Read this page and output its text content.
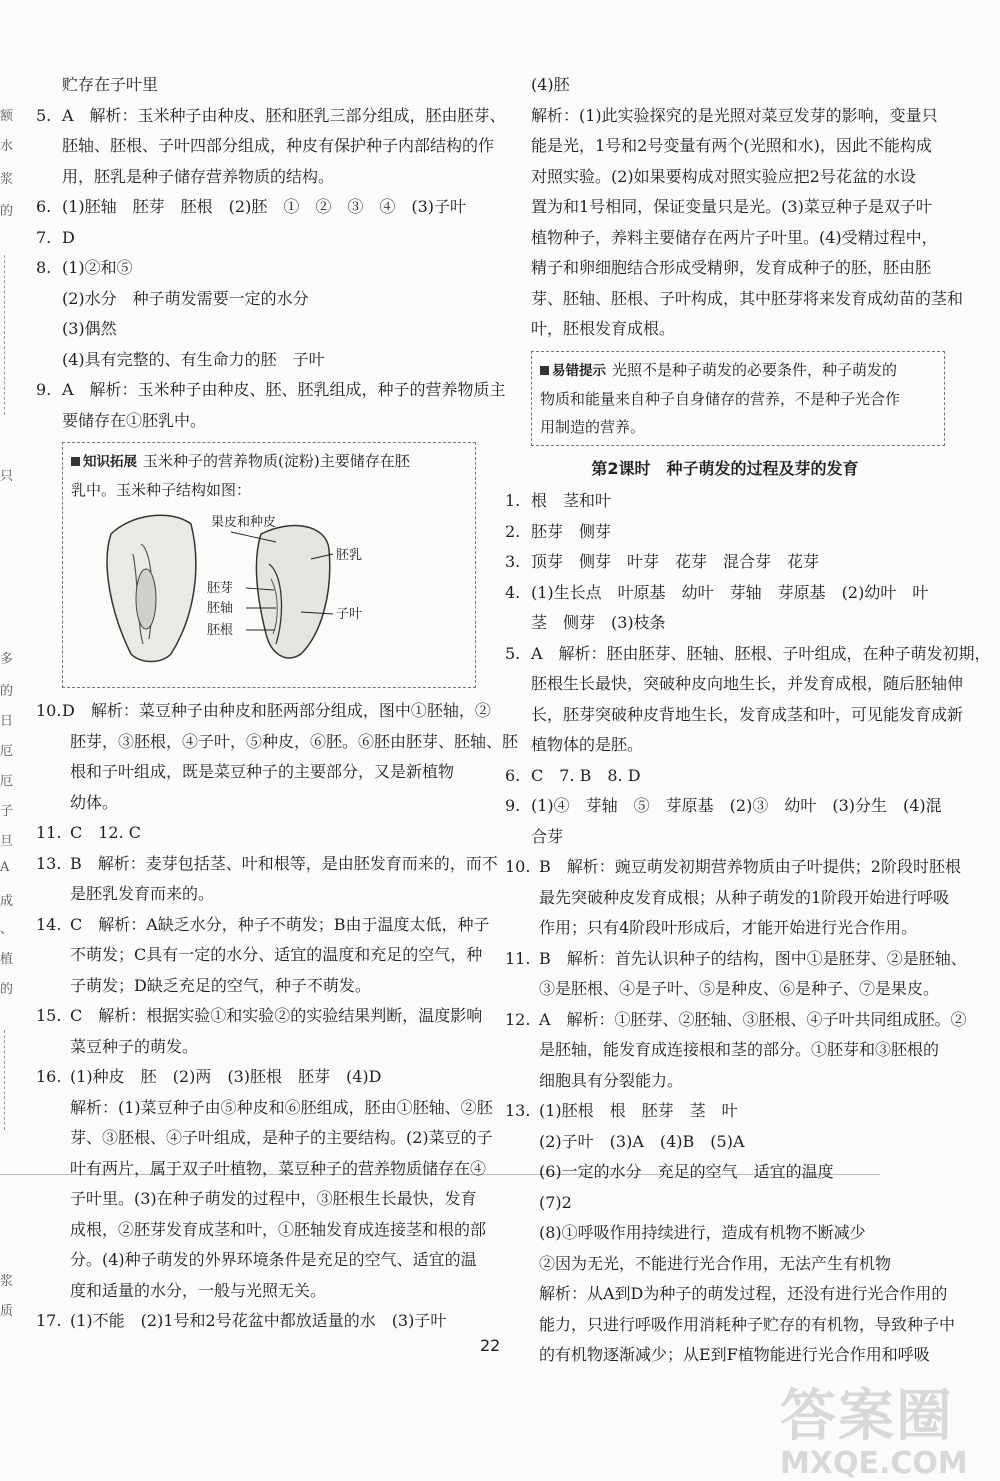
额
水
浆
的
只
多
的
日
厄
厄
子
旦
A
成
、
植
的
浆
质
贮存在子叶里
5. A　解析：玉米种子由种皮、胚和胚乳三部分组成，胚由胚芽、
胚轴、胚根、子叶四部分组成，种皮有保护种子内部结构的作
用，胚乳是种子储存营养物质的结构。
6. (1)胚轴　胚芽　胚根　(2)胚　①　②　③　④　(3)子叶
7. D
8. (1)②和⑤
(2)水分　种子萌发需要一定的水分
(3)偶然
(4)具有完整的、有生命力的胚　子叶
9. A　解析：玉米种子由种皮、胚、胚乳组成，种子的营养物质主
要储存在①胚乳中。
知识拓展 玉米种子的营养物质(淀粉)主要储存在胚
乳中。玉米种子结构如图：
果皮和种皮
胚乳
胚芽
胚轴	子叶
胚根
10.D　解析：菜豆种子由种皮和胚两部分组成，图中①胚轴，②
胚芽，③胚根，④子叶，⑤种皮，⑥胚。⑥胚由胚芽、胚轴、胚
根和子叶组成，既是菜豆种子的主要部分，又是新植物
幼体。
11. C　12. C
13. B　解析：麦芽包括茎、叶和根等，是由胚发育而来的，而不
是胚乳发育而来的。
14. C　解析：A缺乏水分，种子不萌发；B由于温度太低，种子
不萌发；C具有一定的水分、适宜的温度和充足的空气，种
子萌发；D缺乏充足的空气，种子不萌发。
15. C　解析：根据实验①和实验②的实验结果判断，温度影响
菜豆种子的萌发。
16. (1)种皮　胚　(2)两　(3)胚根　胚芽　(4)D
解析：(1)菜豆种子由⑤种皮和⑥胚组成，胚由①胚轴、②胚
芽、③胚根、④子叶组成，是种子的主要结构。(2)菜豆的子
叶有两片，属于双子叶植物，菜豆种子的营养物质储存在④
子叶里。(3)在种子萌发的过程中，③胚根生长最快，发育
成根，②胚芽发育成茎和叶，①胚轴发育成连接茎和根的部
分。(4)种子萌发的外界环境条件是充足的空气、适宜的温
度和适量的水分，一般与光照无关。
17. (1)不能　(2)1号和2号花盆中都放适量的水　(3)子叶
(4)胚
解析：(1)此实验探究的是光照对菜豆发芽的影响，变量只
能是光，1号和2号变量有两个(光照和水)，因此不能构成
对照实验。(2)如果要构成对照实验应把2号花盆的水设
置为和1号相同，保证变量只是光。(3)菜豆种子是双子叶
植物种子，养料主要储存在两片子叶里。(4)受精过程中，
精子和卵细胞结合形成受精卵，发育成种子的胚，胚由胚
芽、胚轴、胚根、子叶构成，其中胚芽将来发育成幼苗的茎和
叶，胚根发育成根。
易错提示 光照不是种子萌发的必要条件，种子萌发的
物质和能量来自种子自身储存的营养，不是种子光合作
用制造的营养。
第2课时　种子萌发的过程及芽的发育
1. 根　茎和叶
2. 胚芽　侧芽
3. 顶芽　侧芽　叶芽　花芽　混合芽　花芽
4. (1)生长点　叶原基　幼叶　芽轴　芽原基　(2)幼叶　叶
茎　侧芽　(3)枝条
5. A　解析：胚由胚芽、胚轴、胚根、子叶组成，在种子萌发初期，
胚根生长最快，突破种皮向地生长，并发育成根，随后胚轴伸
长，胚芽突破种皮背地生长，发育成茎和叶，可见能发育成新
植物体的是胚。
6. C　7. B　8. D
9. (1)④　芽轴　⑤　芽原基　(2)③　幼叶　(3)分生　(4)混
合芽
10. B　解析：豌豆萌发初期营养物质由子叶提供；2阶段时胚根
最先突破种皮发育成根；从种子萌发的1阶段开始进行呼吸
作用；只有4阶段叶形成后，才能开始进行光合作用。
11. B　解析：首先认识种子的结构，图中①是胚芽、②是胚轴、
③是胚根、④是子叶、⑤是种皮、⑥是种子、⑦是果皮。
12. A　解析：①胚芽、②胚轴、③胚根、④子叶共同组成胚。②
是胚轴，能发育成连接根和茎的部分。①胚芽和③胚根的
细胞具有分裂能力。
13. (1)胚根　根　胚芽　茎　叶
(2)子叶　(3)A　(4)B　(5)A
(6)一定的水分　充足的空气　适宜的温度
(7)2
(8)①呼吸作用持续进行，造成有机物不断减少
②因为无光，不能进行光合作用，无法产生有机物
解析：从A到D为种子的萌发过程，还没有进行光合作用的
能力，只进行呼吸作用消耗种子贮存的有机物，导致种子中
的有机物逐渐减少；从E到F植物能进行光合作用和呼吸
22
答案圈
MXQE.COM
